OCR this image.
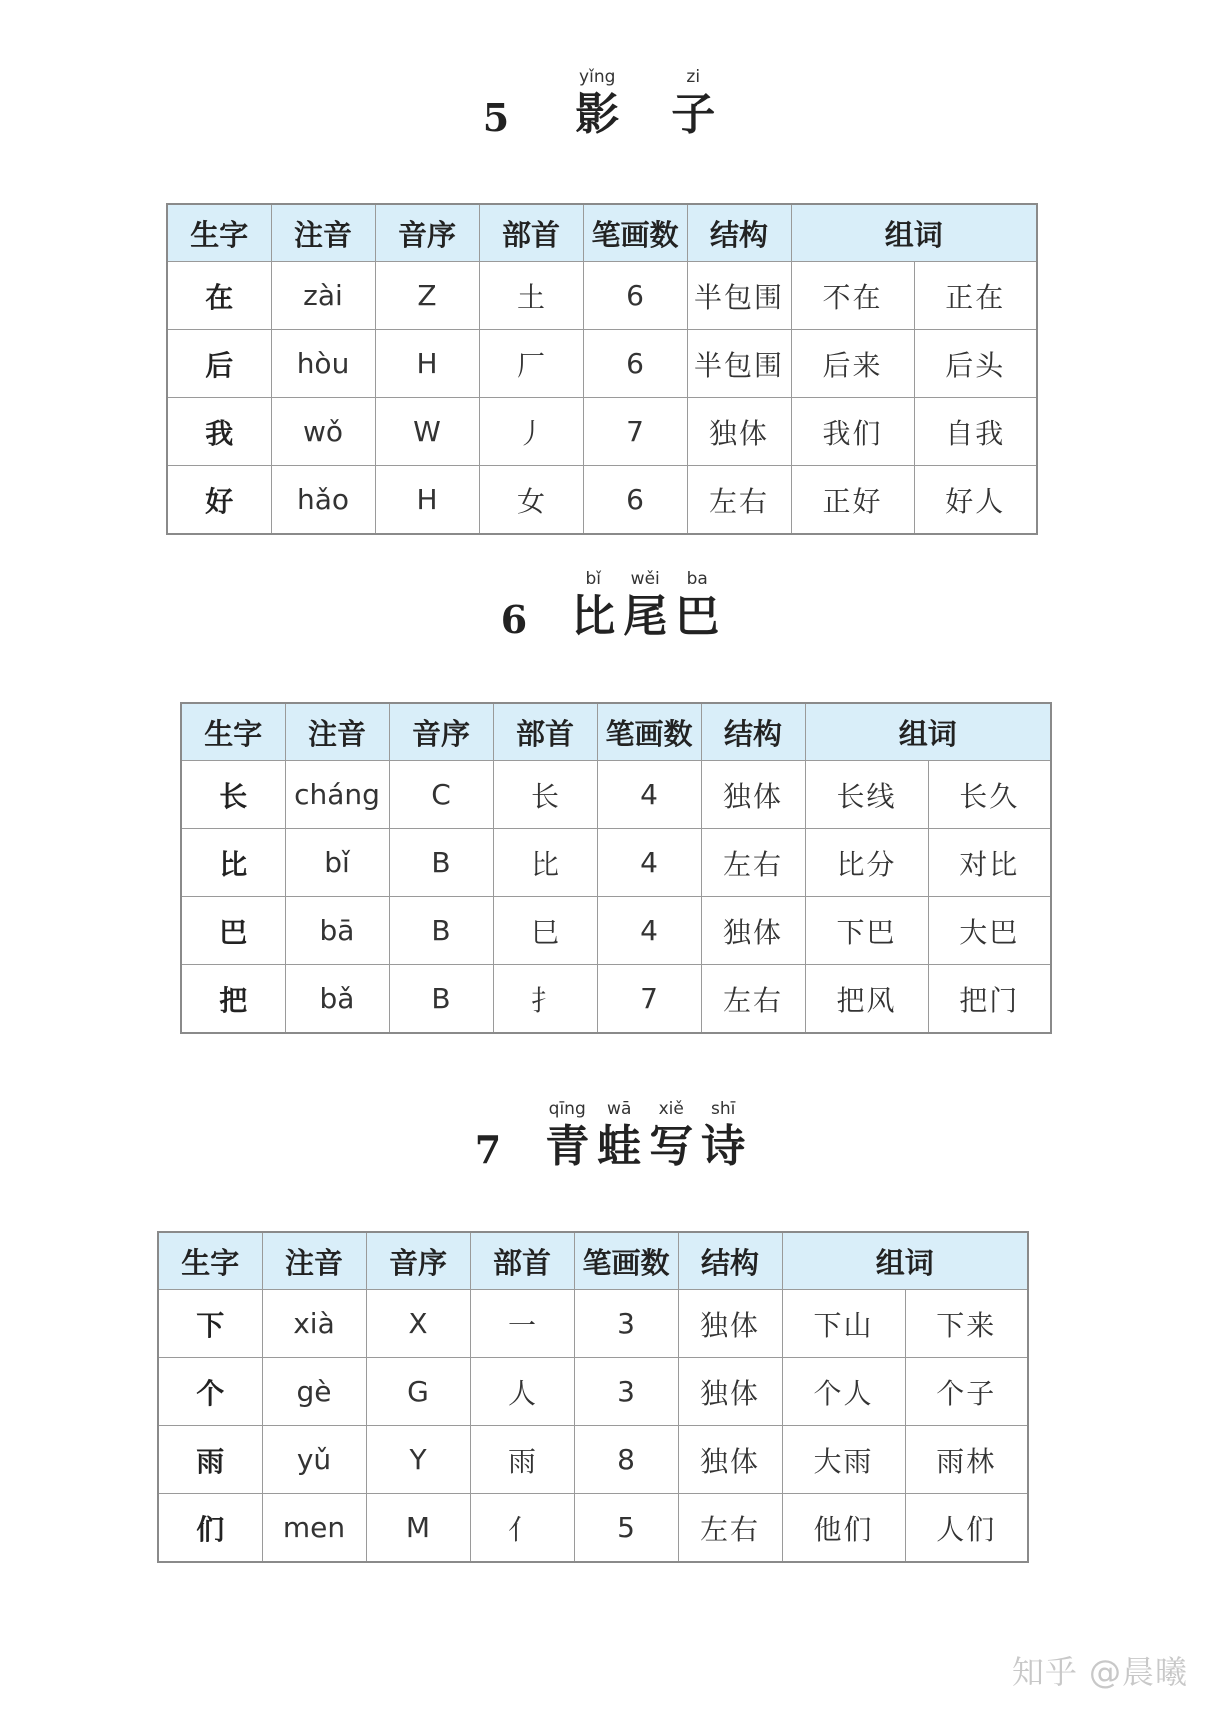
5
yǐng
影
zi
子
生字	注音	音序	部首	笔画数	结构	组词	
在	zài	Z	土	6	半包围	不在	正在
后	hòu	H	厂	6	半包围	后来	后头
我	wǒ	W	丿	7	独体	我们	自我
好	hǎo	H	女	6	左右	正好	好人
6
bǐ
比
wěi
尾
ba
巴
生字	注音	音序	部首	笔画数	结构	组词	
长	cháng	C	长	4	独体	长线	长久
比	bǐ	B	比	4	左右	比分	对比
巴	bā	B	巳	4	独体	下巴	大巴
把	bǎ	B	扌	7	左右	把风	把门
7
qīng
青
wā
蛙
xiě
写
shī
诗
生字	注音	音序	部首	笔画数	结构	组词	
下	xià	X	一	3	独体	下山	下来
个	gè	G	人	3	独体	个人	个子
雨	yǔ	Y	雨	8	独体	大雨	雨林
们	men	M	亻	5	左右	他们	人们
知乎 @晨曦
